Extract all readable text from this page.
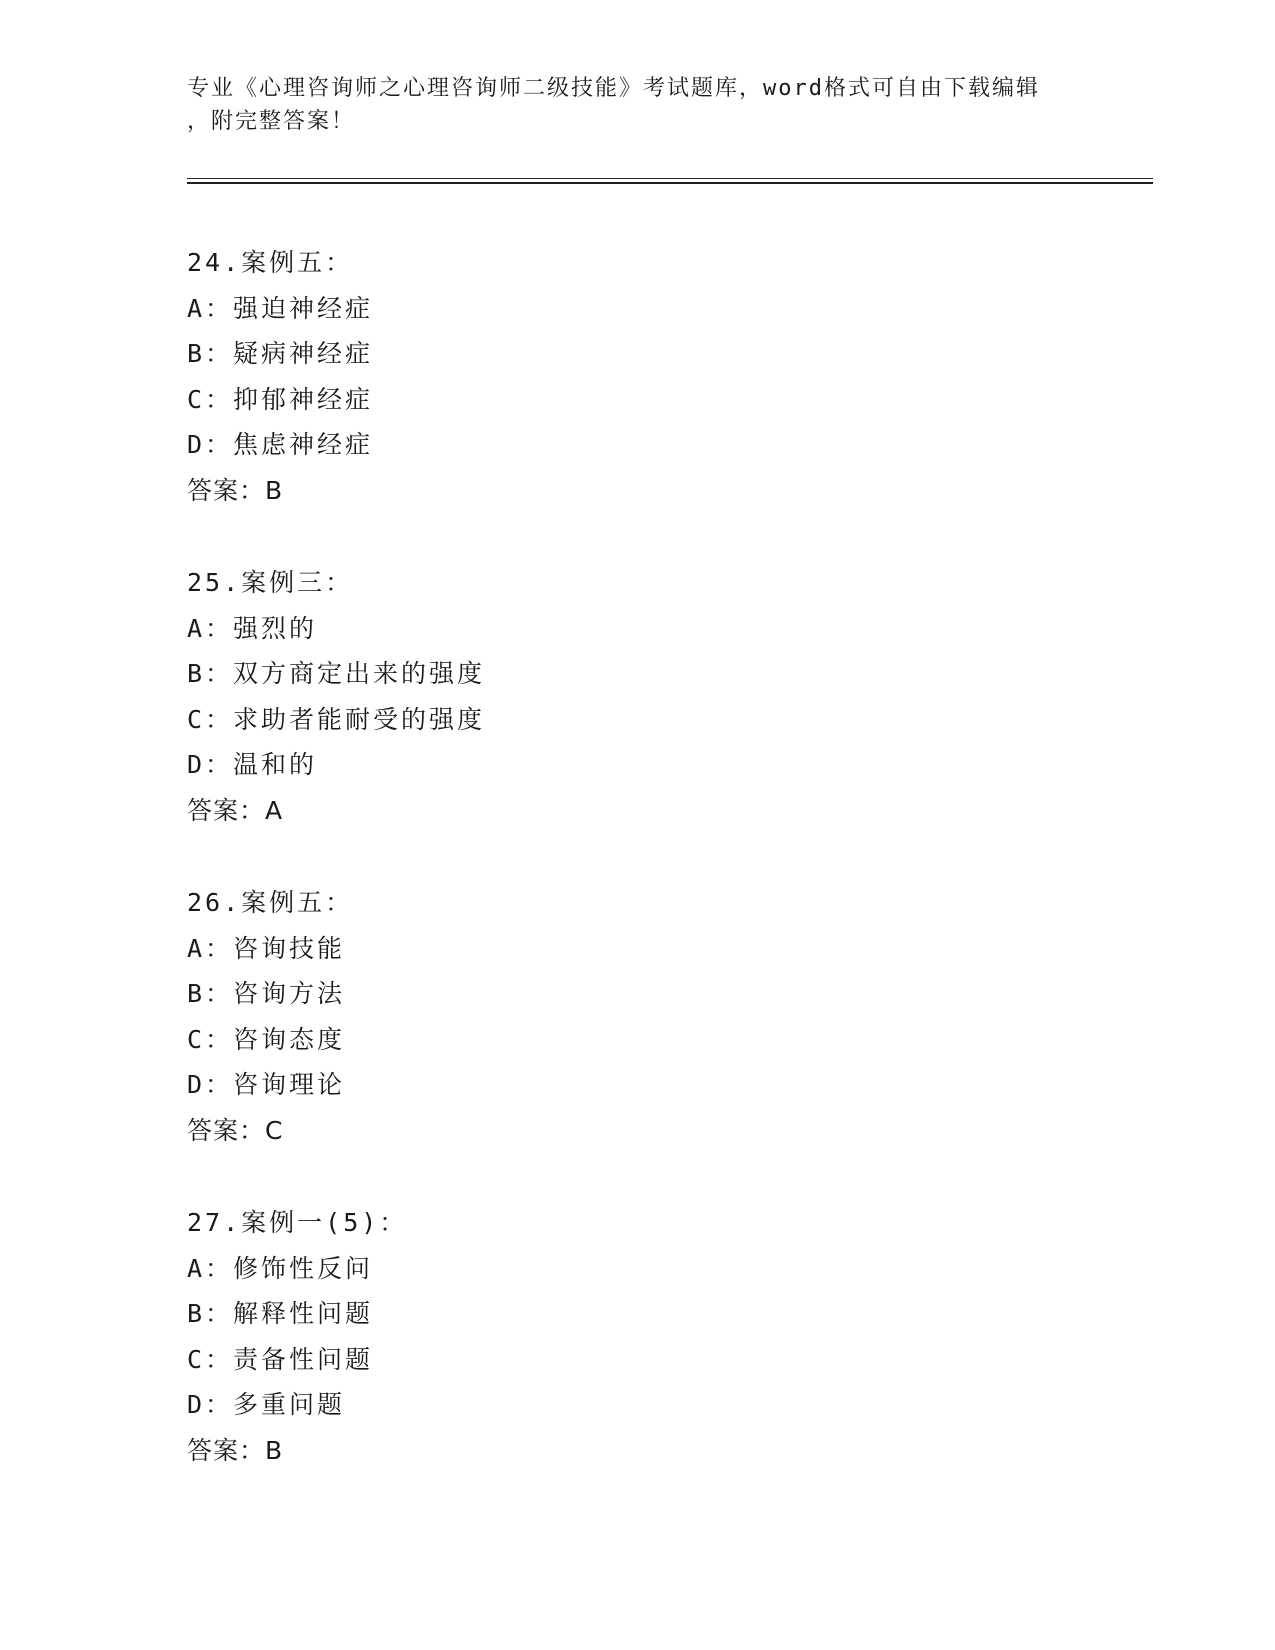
专业《心理咨询师之心理咨询师二级技能》考试题库，word格式可自由下载编辑
，附完整答案！
24.案例五：
A：强迫神经症
B：疑病神经症
C：抑郁神经症
D：焦虑神经症
答案：B
25.案例三：
A：强烈的
B：双方商定出来的强度
C：求助者能耐受的强度
D：温和的
答案：A
26.案例五：
A：咨询技能
B：咨询方法
C：咨询态度
D：咨询理论
答案：C
27.案例一(5)：
A：修饰性反问
B：解释性问题
C：责备性问题
D：多重问题
答案：B
